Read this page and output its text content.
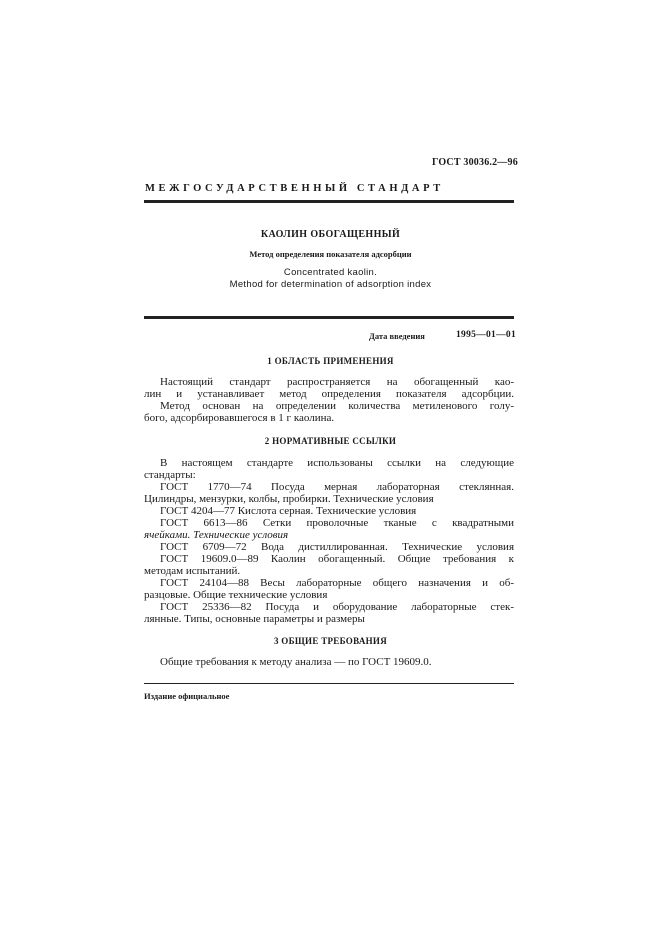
ГОСТ 30036.2—96
МЕЖГОСУДАРСТВЕННЫЙ СТАНДАРТ
КАОЛИН ОБОГАЩЕННЫЙ
Метод определения показателя адсорбции
Concentrated kaolin.
Method for determination of adsorption index
Дата введения	1995—01—01
1 ОБЛАСТЬ ПРИМЕНЕНИЯ
Настоящий стандарт распространяется на обогащенный као-
лин и устанавливает метод определения показателя адсорбции.
Метод основан на определении количества метиленового голу-
бого, адсорбировавшегося в 1 г каолина.
2 НОРМАТИВНЫЕ ССЫЛКИ
В настоящем стандарте использованы ссылки на следующие
стандарты:
ГОСТ 1770—74 Посуда мерная лабораторная стеклянная.
Цилиндры, мензурки, колбы, пробирки. Технические условия
ГОСТ 4204—77 Кислота серная. Технические условия
ГОСТ 6613—86 Сетки проволочные тканые с квадратными
ячейками. Технические условия
ГОСТ 6709—72 Вода дистиллированная. Технические условия
ГОСТ 19609.0—89 Каолин обогащенный. Общие требования к
методам испытаний.
ГОСТ 24104—88 Весы лабораторные общего назначения и об-
разцовые. Общие технические условия
ГОСТ 25336—82 Посуда и оборудование лабораторные стек-
лянные. Типы, основные параметры и размеры
3 ОБЩИЕ ТРЕБОВАНИЯ
Общие требования к методу анализа — по ГОСТ 19609.0.
Издание официальное
